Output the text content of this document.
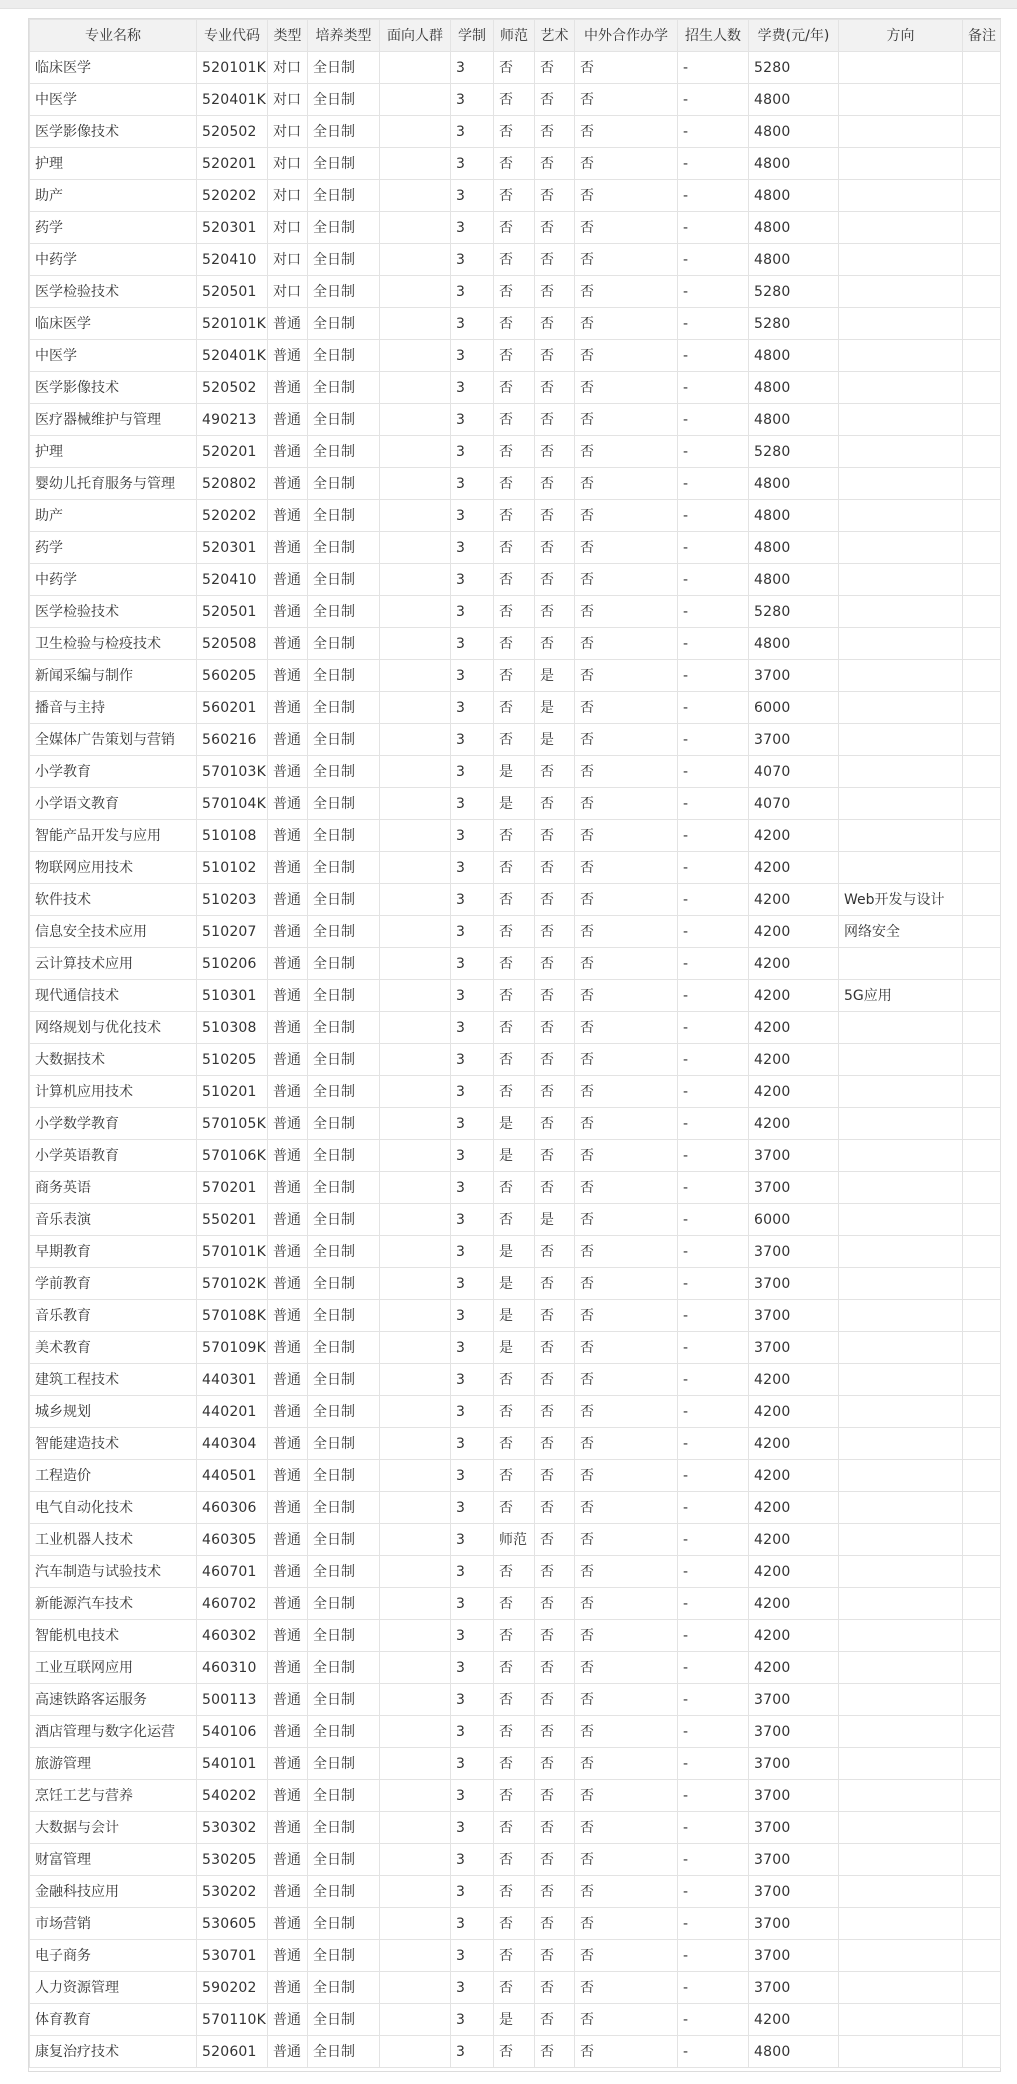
专业名称	专业代码	类型	培养类型	面向人群	学制	师范	艺术	中外合作办学	招生人数	学费(元/年)	方向	备注
临床医学	520101K	对口	全日制		3	否	否	否	-	5280		
中医学	520401K	对口	全日制		3	否	否	否	-	4800		
医学影像技术	520502	对口	全日制		3	否	否	否	-	4800		
护理	520201	对口	全日制		3	否	否	否	-	4800		
助产	520202	对口	全日制		3	否	否	否	-	4800		
药学	520301	对口	全日制		3	否	否	否	-	4800		
中药学	520410	对口	全日制		3	否	否	否	-	4800		
医学检验技术	520501	对口	全日制		3	否	否	否	-	5280		
临床医学	520101K	普通	全日制		3	否	否	否	-	5280		
中医学	520401K	普通	全日制		3	否	否	否	-	4800		
医学影像技术	520502	普通	全日制		3	否	否	否	-	4800		
医疗器械维护与管理	490213	普通	全日制		3	否	否	否	-	4800		
护理	520201	普通	全日制		3	否	否	否	-	5280		
婴幼儿托育服务与管理	520802	普通	全日制		3	否	否	否	-	4800		
助产	520202	普通	全日制		3	否	否	否	-	4800		
药学	520301	普通	全日制		3	否	否	否	-	4800		
中药学	520410	普通	全日制		3	否	否	否	-	4800		
医学检验技术	520501	普通	全日制		3	否	否	否	-	5280		
卫生检验与检疫技术	520508	普通	全日制		3	否	否	否	-	4800		
新闻采编与制作	560205	普通	全日制		3	否	是	否	-	3700		
播音与主持	560201	普通	全日制		3	否	是	否	-	6000		
全媒体广告策划与营销	560216	普通	全日制		3	否	是	否	-	3700		
小学教育	570103K	普通	全日制		3	是	否	否	-	4070		
小学语文教育	570104K	普通	全日制		3	是	否	否	-	4070		
智能产品开发与应用	510108	普通	全日制		3	否	否	否	-	4200		
物联网应用技术	510102	普通	全日制		3	否	否	否	-	4200		
软件技术	510203	普通	全日制		3	否	否	否	-	4200	Web开发与设计	
信息安全技术应用	510207	普通	全日制		3	否	否	否	-	4200	网络安全	
云计算技术应用	510206	普通	全日制		3	否	否	否	-	4200		
现代通信技术	510301	普通	全日制		3	否	否	否	-	4200	5G应用	
网络规划与优化技术	510308	普通	全日制		3	否	否	否	-	4200		
大数据技术	510205	普通	全日制		3	否	否	否	-	4200		
计算机应用技术	510201	普通	全日制		3	否	否	否	-	4200		
小学数学教育	570105K	普通	全日制		3	是	否	否	-	4200		
小学英语教育	570106K	普通	全日制		3	是	否	否	-	3700		
商务英语	570201	普通	全日制		3	否	否	否	-	3700		
音乐表演	550201	普通	全日制		3	否	是	否	-	6000		
早期教育	570101K	普通	全日制		3	是	否	否	-	3700		
学前教育	570102K	普通	全日制		3	是	否	否	-	3700		
音乐教育	570108K	普通	全日制		3	是	否	否	-	3700		
美术教育	570109K	普通	全日制		3	是	否	否	-	3700		
建筑工程技术	440301	普通	全日制		3	否	否	否	-	4200		
城乡规划	440201	普通	全日制		3	否	否	否	-	4200		
智能建造技术	440304	普通	全日制		3	否	否	否	-	4200		
工程造价	440501	普通	全日制		3	否	否	否	-	4200		
电气自动化技术	460306	普通	全日制		3	否	否	否	-	4200		
工业机器人技术	460305	普通	全日制		3	师范	否	否	-	4200		
汽车制造与试验技术	460701	普通	全日制		3	否	否	否	-	4200		
新能源汽车技术	460702	普通	全日制		3	否	否	否	-	4200		
智能机电技术	460302	普通	全日制		3	否	否	否	-	4200		
工业互联网应用	460310	普通	全日制		3	否	否	否	-	4200		
高速铁路客运服务	500113	普通	全日制		3	否	否	否	-	3700		
酒店管理与数字化运营	540106	普通	全日制		3	否	否	否	-	3700		
旅游管理	540101	普通	全日制		3	否	否	否	-	3700		
烹饪工艺与营养	540202	普通	全日制		3	否	否	否	-	3700		
大数据与会计	530302	普通	全日制		3	否	否	否	-	3700		
财富管理	530205	普通	全日制		3	否	否	否	-	3700		
金融科技应用	530202	普通	全日制		3	否	否	否	-	3700		
市场营销	530605	普通	全日制		3	否	否	否	-	3700		
电子商务	530701	普通	全日制		3	否	否	否	-	3700		
人力资源管理	590202	普通	全日制		3	否	否	否	-	3700		
体育教育	570110K	普通	全日制		3	是	否	否	-	4200		
康复治疗技术	520601	普通	全日制		3	否	否	否	-	4800		
